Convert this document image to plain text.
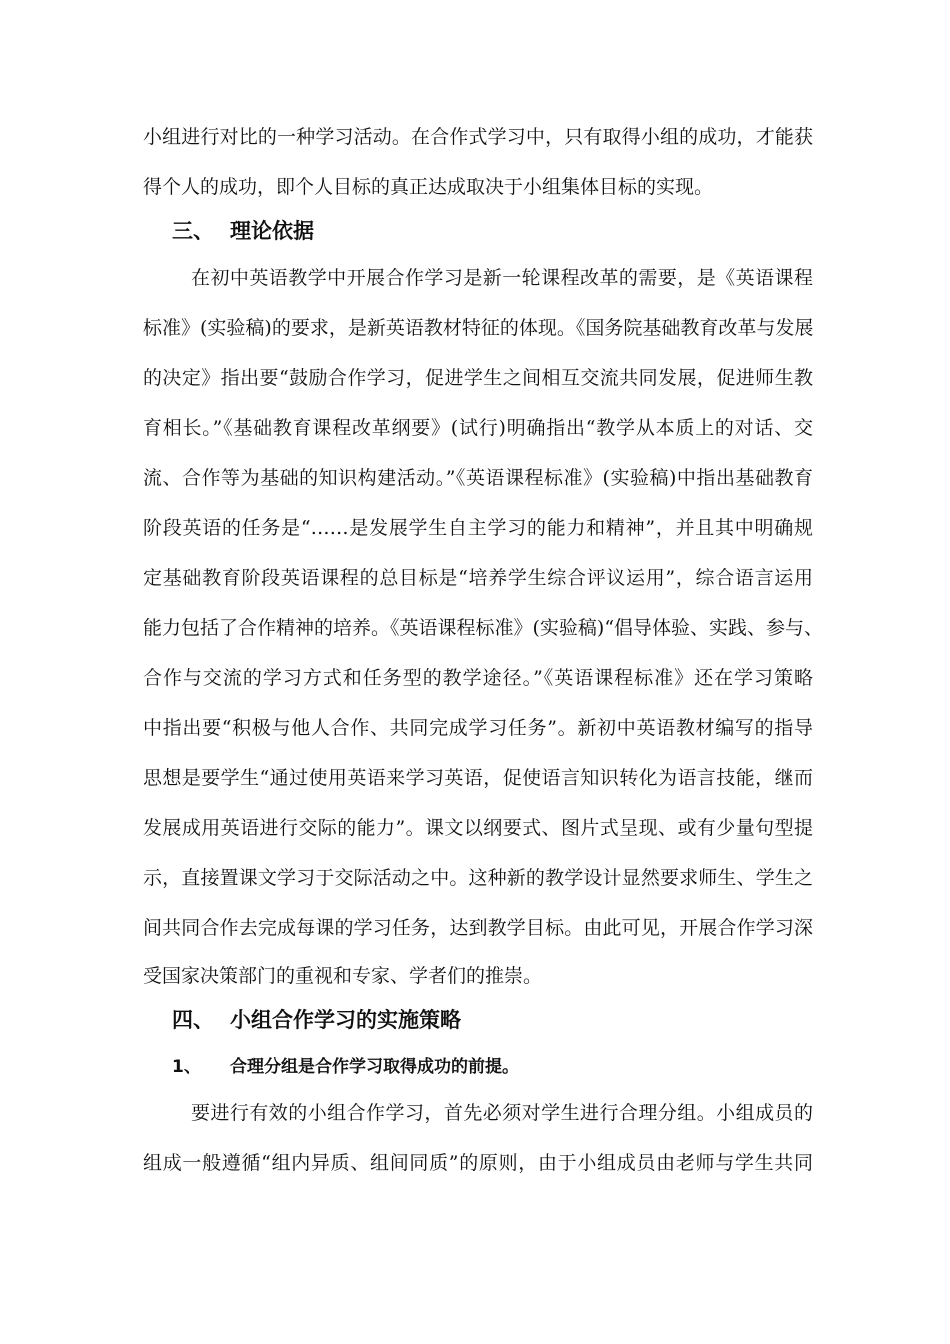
小组进行对比的一种学习活动。在合作式学习中，只有取得小组的成功，才能获
得个人的成功，即个人目标的真正达成取决于小组集体目标的实现。
三、 理论依据
在初中英语教学中开展合作学习是新一轮课程改革的需要，是《英语课程
标准》(实验稿)的要求，是新英语教材特征的体现。《国务院基础教育改革与发展
的决定》指出要“鼓励合作学习，促进学生之间相互交流共同发展，促进师生教
育相长。”《基础教育课程改革纲要》(试行)明确指出“教学从本质上的对话、交
流、合作等为基础的知识构建活动。”《英语课程标准》(实验稿)中指出基础教育
阶段英语的任务是“……是发展学生自主学习的能力和精神”，并且其中明确规
定基础教育阶段英语课程的总目标是“培养学生综合评议运用”，综合语言运用
能力包括了合作精神的培养。《英语课程标准》(实验稿)“倡导体验、实践、参与、
合作与交流的学习方式和任务型的教学途径。”《英语课程标准》还在学习策略
中指出要“积极与他人合作、共同完成学习任务”。新初中英语教材编写的指导
思想是要学生“通过使用英语来学习英语，促使语言知识转化为语言技能，继而
发展成用英语进行交际的能力”。课文以纲要式、图片式呈现、或有少量句型提
示，直接置课文学习于交际活动之中。这种新的教学设计显然要求师生、学生之
间共同合作去完成每课的学习任务，达到教学目标。由此可见，开展合作学习深
受国家决策部门的重视和专家、学者们的推崇。
四、 小组合作学习的实施策略
1、 合理分组是合作学习取得成功的前提。
要进行有效的小组合作学习，首先必须对学生进行合理分组。小组成员的
组成一般遵循“组内异质、组间同质”的原则，由于小组成员由老师与学生共同
